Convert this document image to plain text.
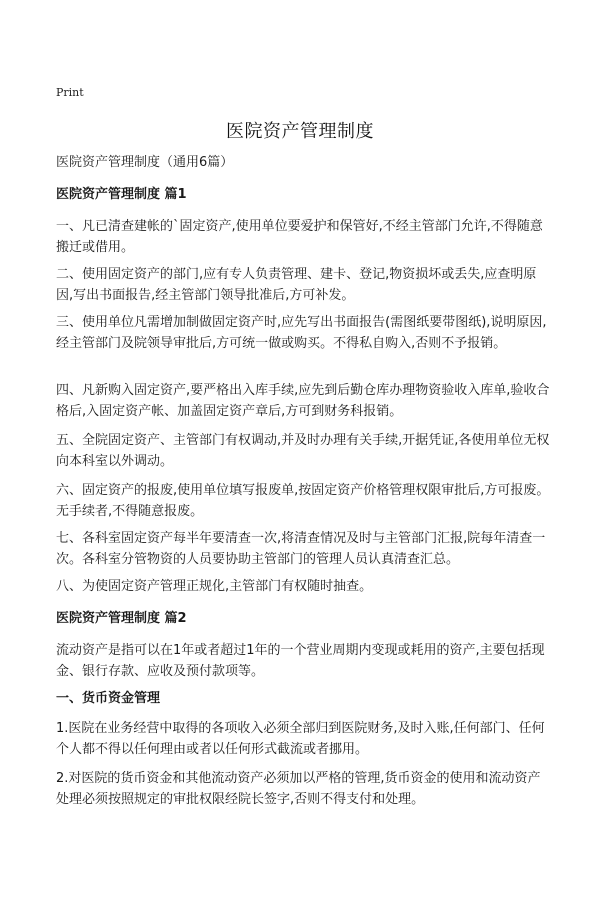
Print
医院资产管理制度

医院资产管理制度（通用6篇）

医院资产管理制度 篇1

一、凡已清查建帐的`固定资产,使用单位要爱护和保管好,不经主管部门允许,不得随意搬迁或借用。

二、使用固定资产的部门,应有专人负责管理、建卡、登记,物资损坏或丢失,应查明原因,写出书面报告,经主管部门领导批准后,方可补发。

三、使用单位凡需增加制做固定资产时,应先写出书面报告(需图纸要带图纸),说明原因,经主管部门及院领导审批后,方可统一做或购买。不得私自购入,否则不予报销。

四、凡新购入固定资产,要严格出入库手续,应先到后勤仓库办理物资验收入库单,验收合格后,入固定资产帐、加盖固定资产章后,方可到财务科报销。

五、全院固定资产、主管部门有权调动,并及时办理有关手续,开据凭证,各使用单位无权向本科室以外调动。

六、固定资产的报废,使用单位填写报废单,按固定资产价格管理权限审批后,方可报废。无手续者,不得随意报废。

七、各科室固定资产每半年要清查一次,将清查情况及时与主管部门汇报,院每年清查一次。各科室分管物资的人员要协助主管部门的管理人员认真清查汇总。

八、为使固定资产管理正规化,主管部门有权随时抽查。

医院资产管理制度 篇2

流动资产是指可以在1年或者超过1年的一个营业周期内变现或耗用的资产,主要包括现金、银行存款、应收及预付款项等。

一、货币资金管理

1.医院在业务经营中取得的各项收入必须全部归到医院财务,及时入账,任何部门、任何个人都不得以任何理由或者以任何形式截流或者挪用。

2.对医院的货币资金和其他流动资产必须加以严格的管理,货币资金的使用和流动资产处理必须按照规定的审批权限经院长签字,否则不得支付和处理。
